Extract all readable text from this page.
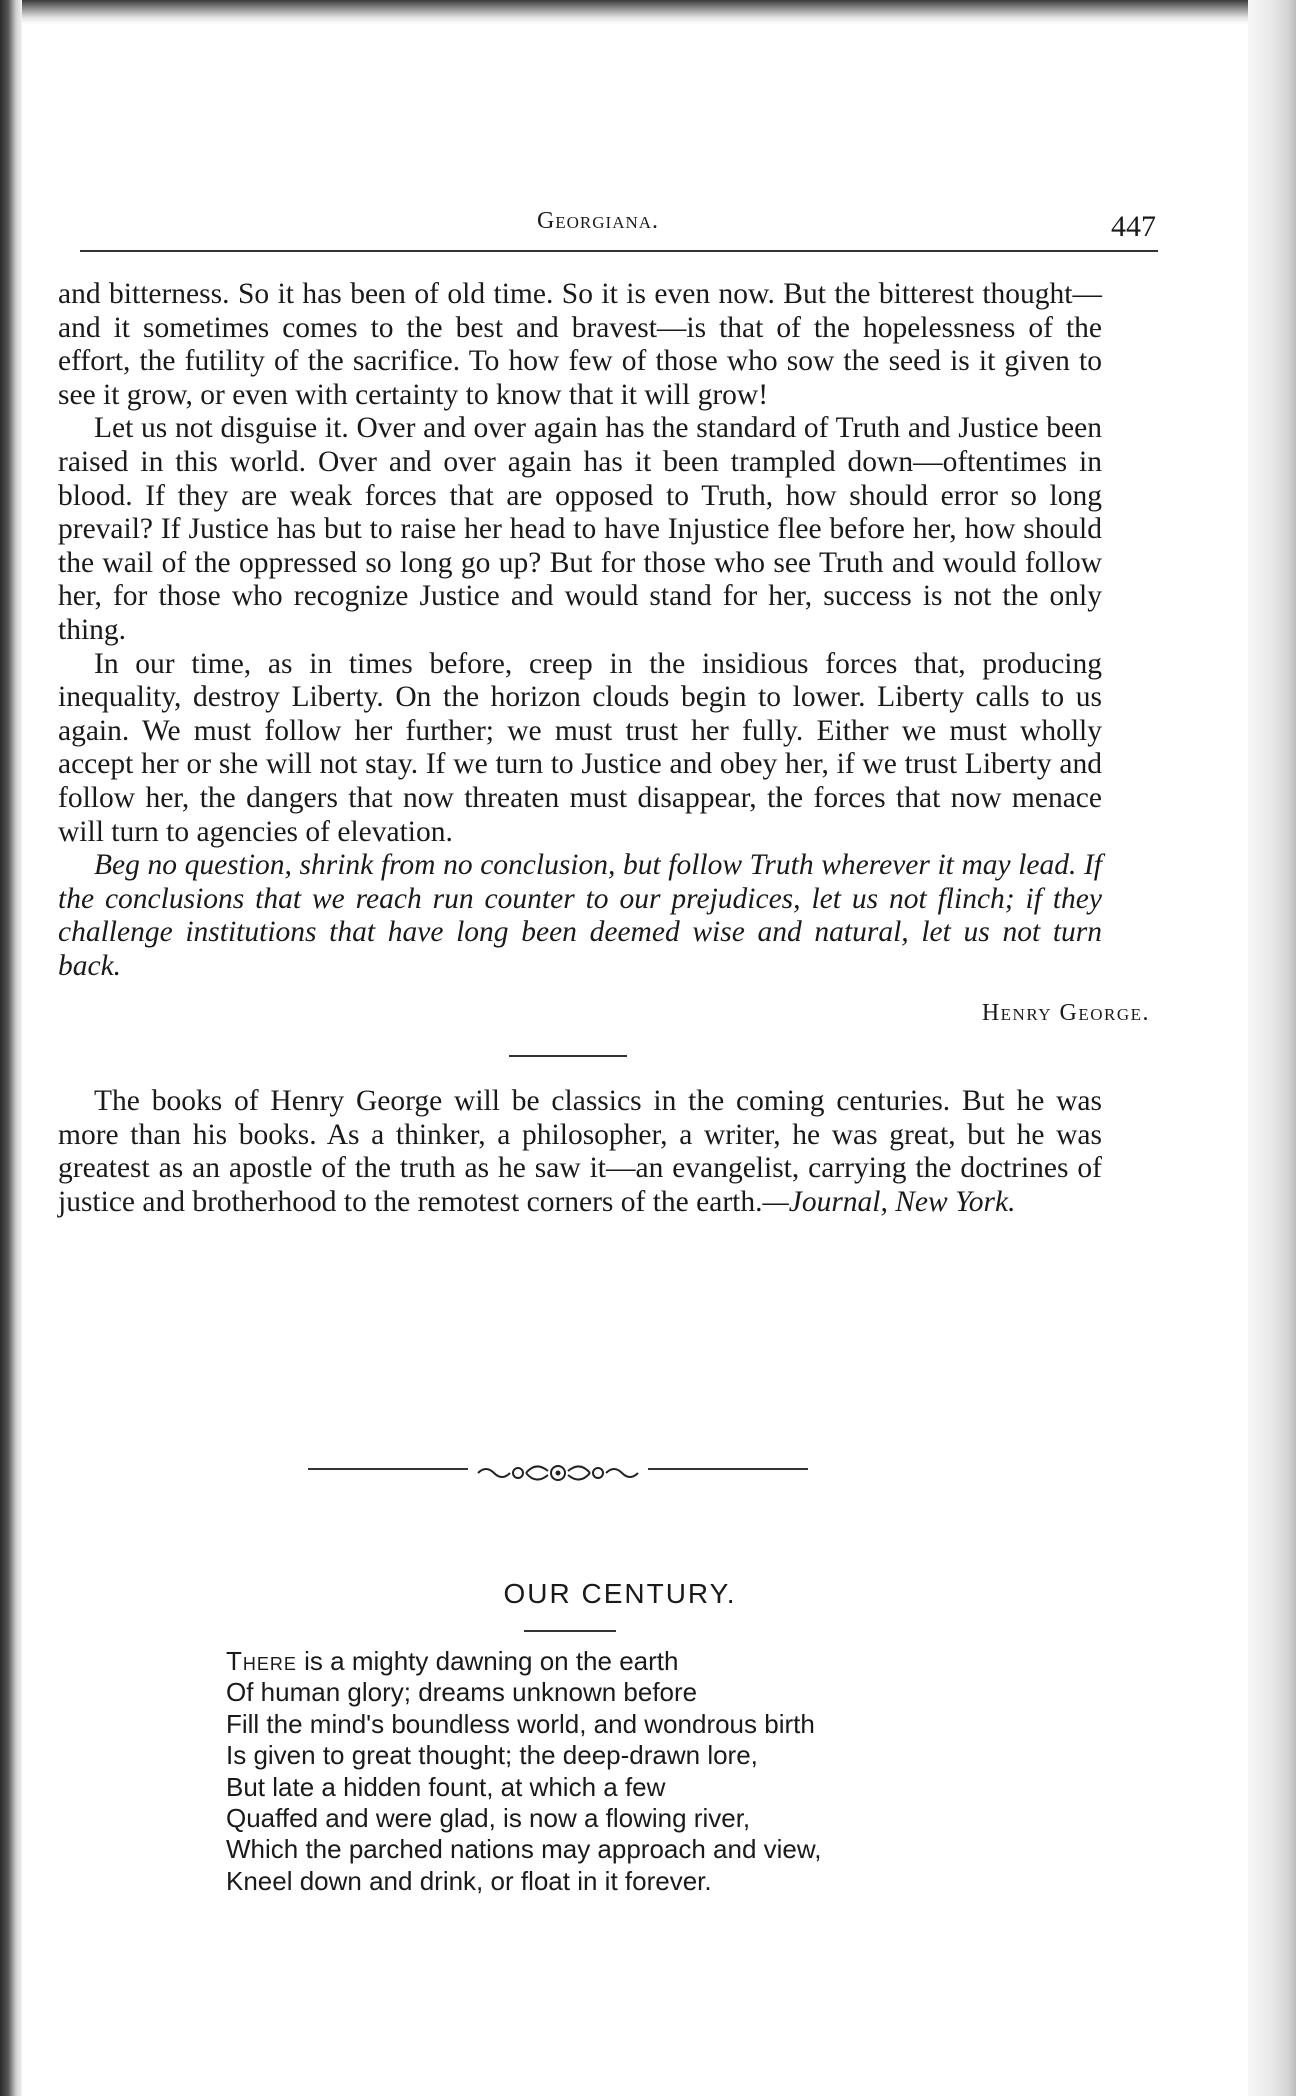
Georgiana.	447

and bitterness. So it has been of old time. So it is even now. But the bitterest thought—and it sometimes comes to the best and bravest—is that of the hopelessness of the effort, the futility of the sacrifice. To how few of those who sow the seed is it given to see it grow, or even with certainty to know that it will grow!

Let us not disguise it. Over and over again has the standard of Truth and Justice been raised in this world. Over and over again has it been trampled down—oftentimes in blood. If they are weak forces that are opposed to Truth, how should error so long prevail? If Justice has but to raise her head to have Injustice flee before her, how should the wail of the oppressed so long go up? But for those who see Truth and would follow her, for those who recognize Justice and would stand for her, success is not the only thing.

In our time, as in times before, creep in the insidious forces that, producing inequality, destroy Liberty. On the horizon clouds begin to lower. Liberty calls to us again. We must follow her further; we must trust her fully. Either we must wholly accept her or she will not stay. If we turn to Justice and obey her, if we trust Liberty and follow her, the dangers that now threaten must disappear, the forces that now menace will turn to agencies of elevation.

Beg no question, shrink from no conclusion, but follow Truth wherever it may lead. If the conclusions that we reach run counter to our prejudices, let us not flinch; if they challenge institutions that have long been deemed wise and natural, let us not turn back.

Henry George.

The books of Henry George will be classics in the coming centuries. But he was more than his books. As a thinker, a philosopher, a writer, he was great, but he was greatest as an apostle of the truth as he saw it—an evangelist, carrying the doctrines of justice and brotherhood to the remotest corners of the earth.—Journal, New York.

OUR CENTURY.
There is a mighty dawning on the earth
Of human glory; dreams unknown before
Fill the mind's boundless world, and wondrous birth
Is given to great thought; the deep-drawn lore,
But late a hidden fount, at which a few
Quaffed and were glad, is now a flowing river,
Which the parched nations may approach and view,
Kneel down and drink, or float in it forever.
